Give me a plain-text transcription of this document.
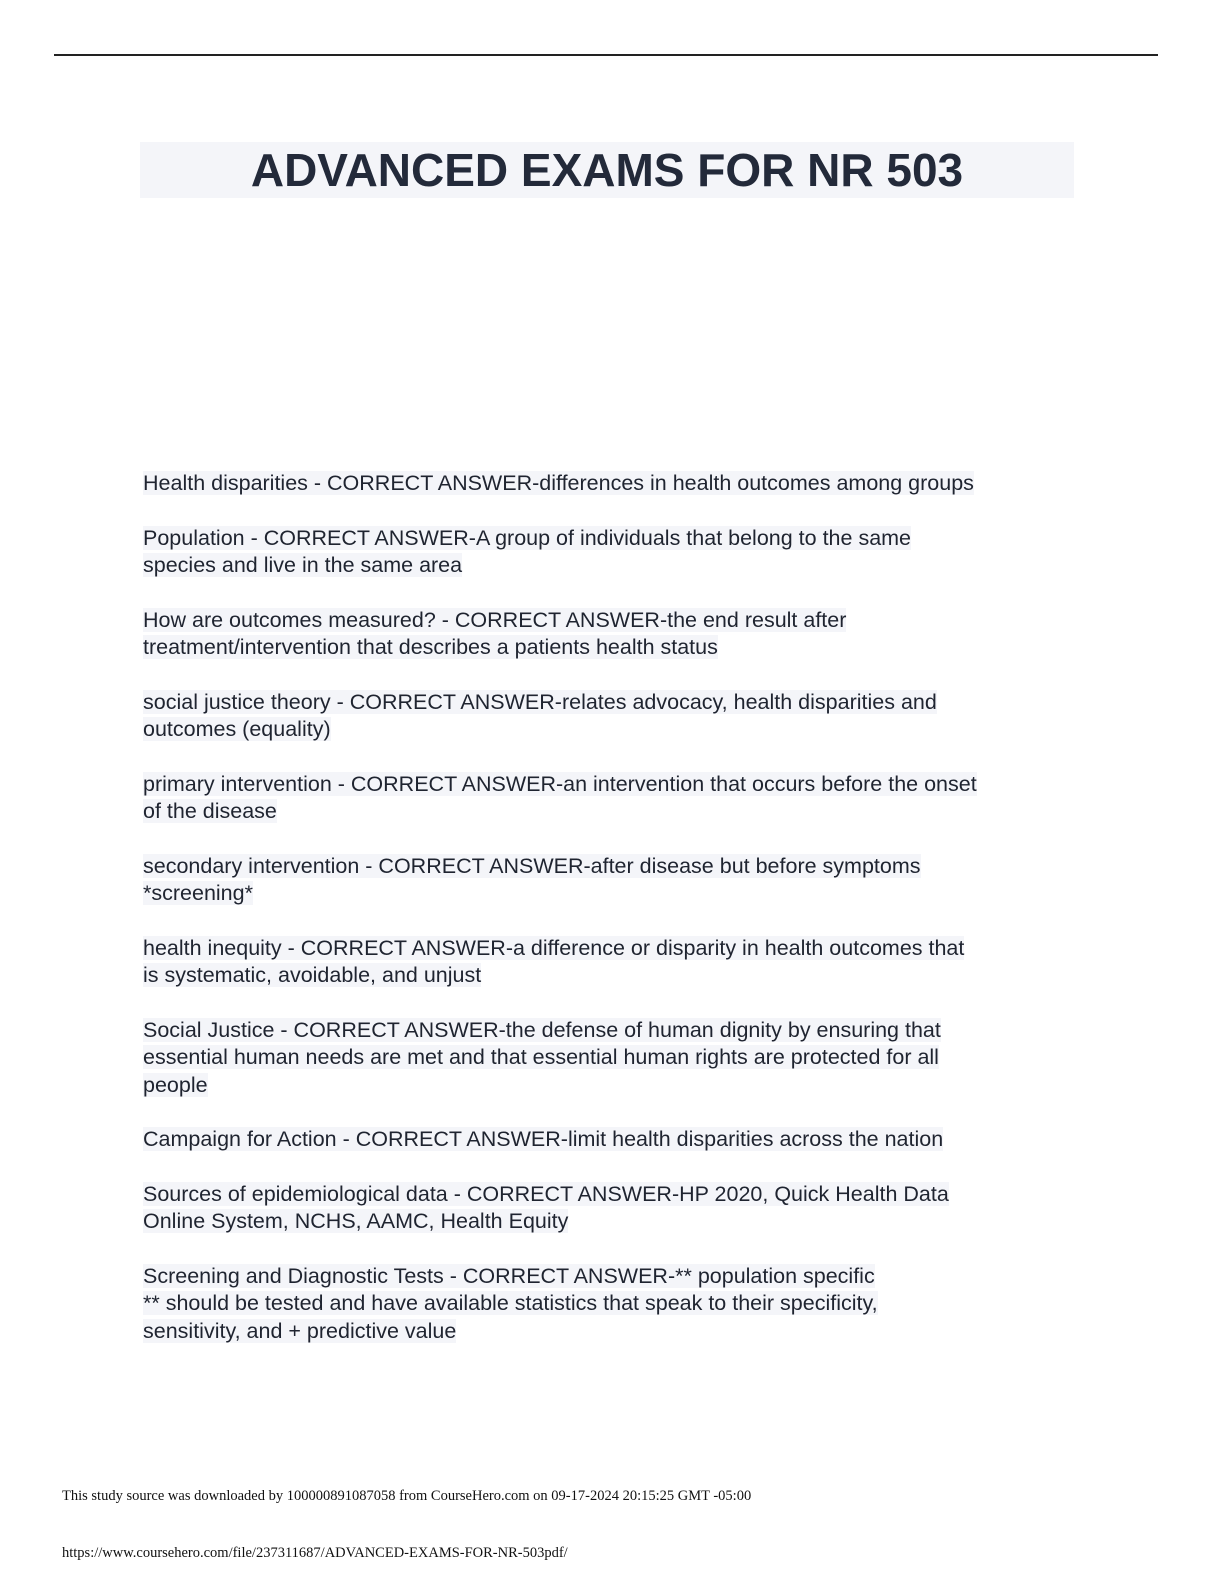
ADVANCED EXAMS FOR NR 503
Health disparities - CORRECT ANSWER-differences in health outcomes among groups
Population - CORRECT ANSWER-A group of individuals that belong to the same
species and live in the same area
How are outcomes measured? - CORRECT ANSWER-the end result after
treatment/intervention that describes a patients health status
social justice theory - CORRECT ANSWER-relates advocacy, health disparities and
outcomes (equality)
primary intervention - CORRECT ANSWER-an intervention that occurs before the onset
of the disease
secondary intervention - CORRECT ANSWER-after disease but before symptoms
*screening*
health inequity - CORRECT ANSWER-a difference or disparity in health outcomes that
is systematic, avoidable, and unjust
Social Justice - CORRECT ANSWER-the defense of human dignity by ensuring that
essential human needs are met and that essential human rights are protected for all
people
Campaign for Action - CORRECT ANSWER-limit health disparities across the nation
Sources of epidemiological data - CORRECT ANSWER-HP 2020, Quick Health Data
Online System, NCHS, AAMC, Health Equity
Screening and Diagnostic Tests - CORRECT ANSWER-** population specific
** should be tested and have available statistics that speak to their specificity,
sensitivity, and + predictive value
This study source was downloaded by 100000891087058 from CourseHero.com on 09-17-2024 20:15:25 GMT -05:00
https://www.coursehero.com/file/237311687/ADVANCED-EXAMS-FOR-NR-503pdf/
